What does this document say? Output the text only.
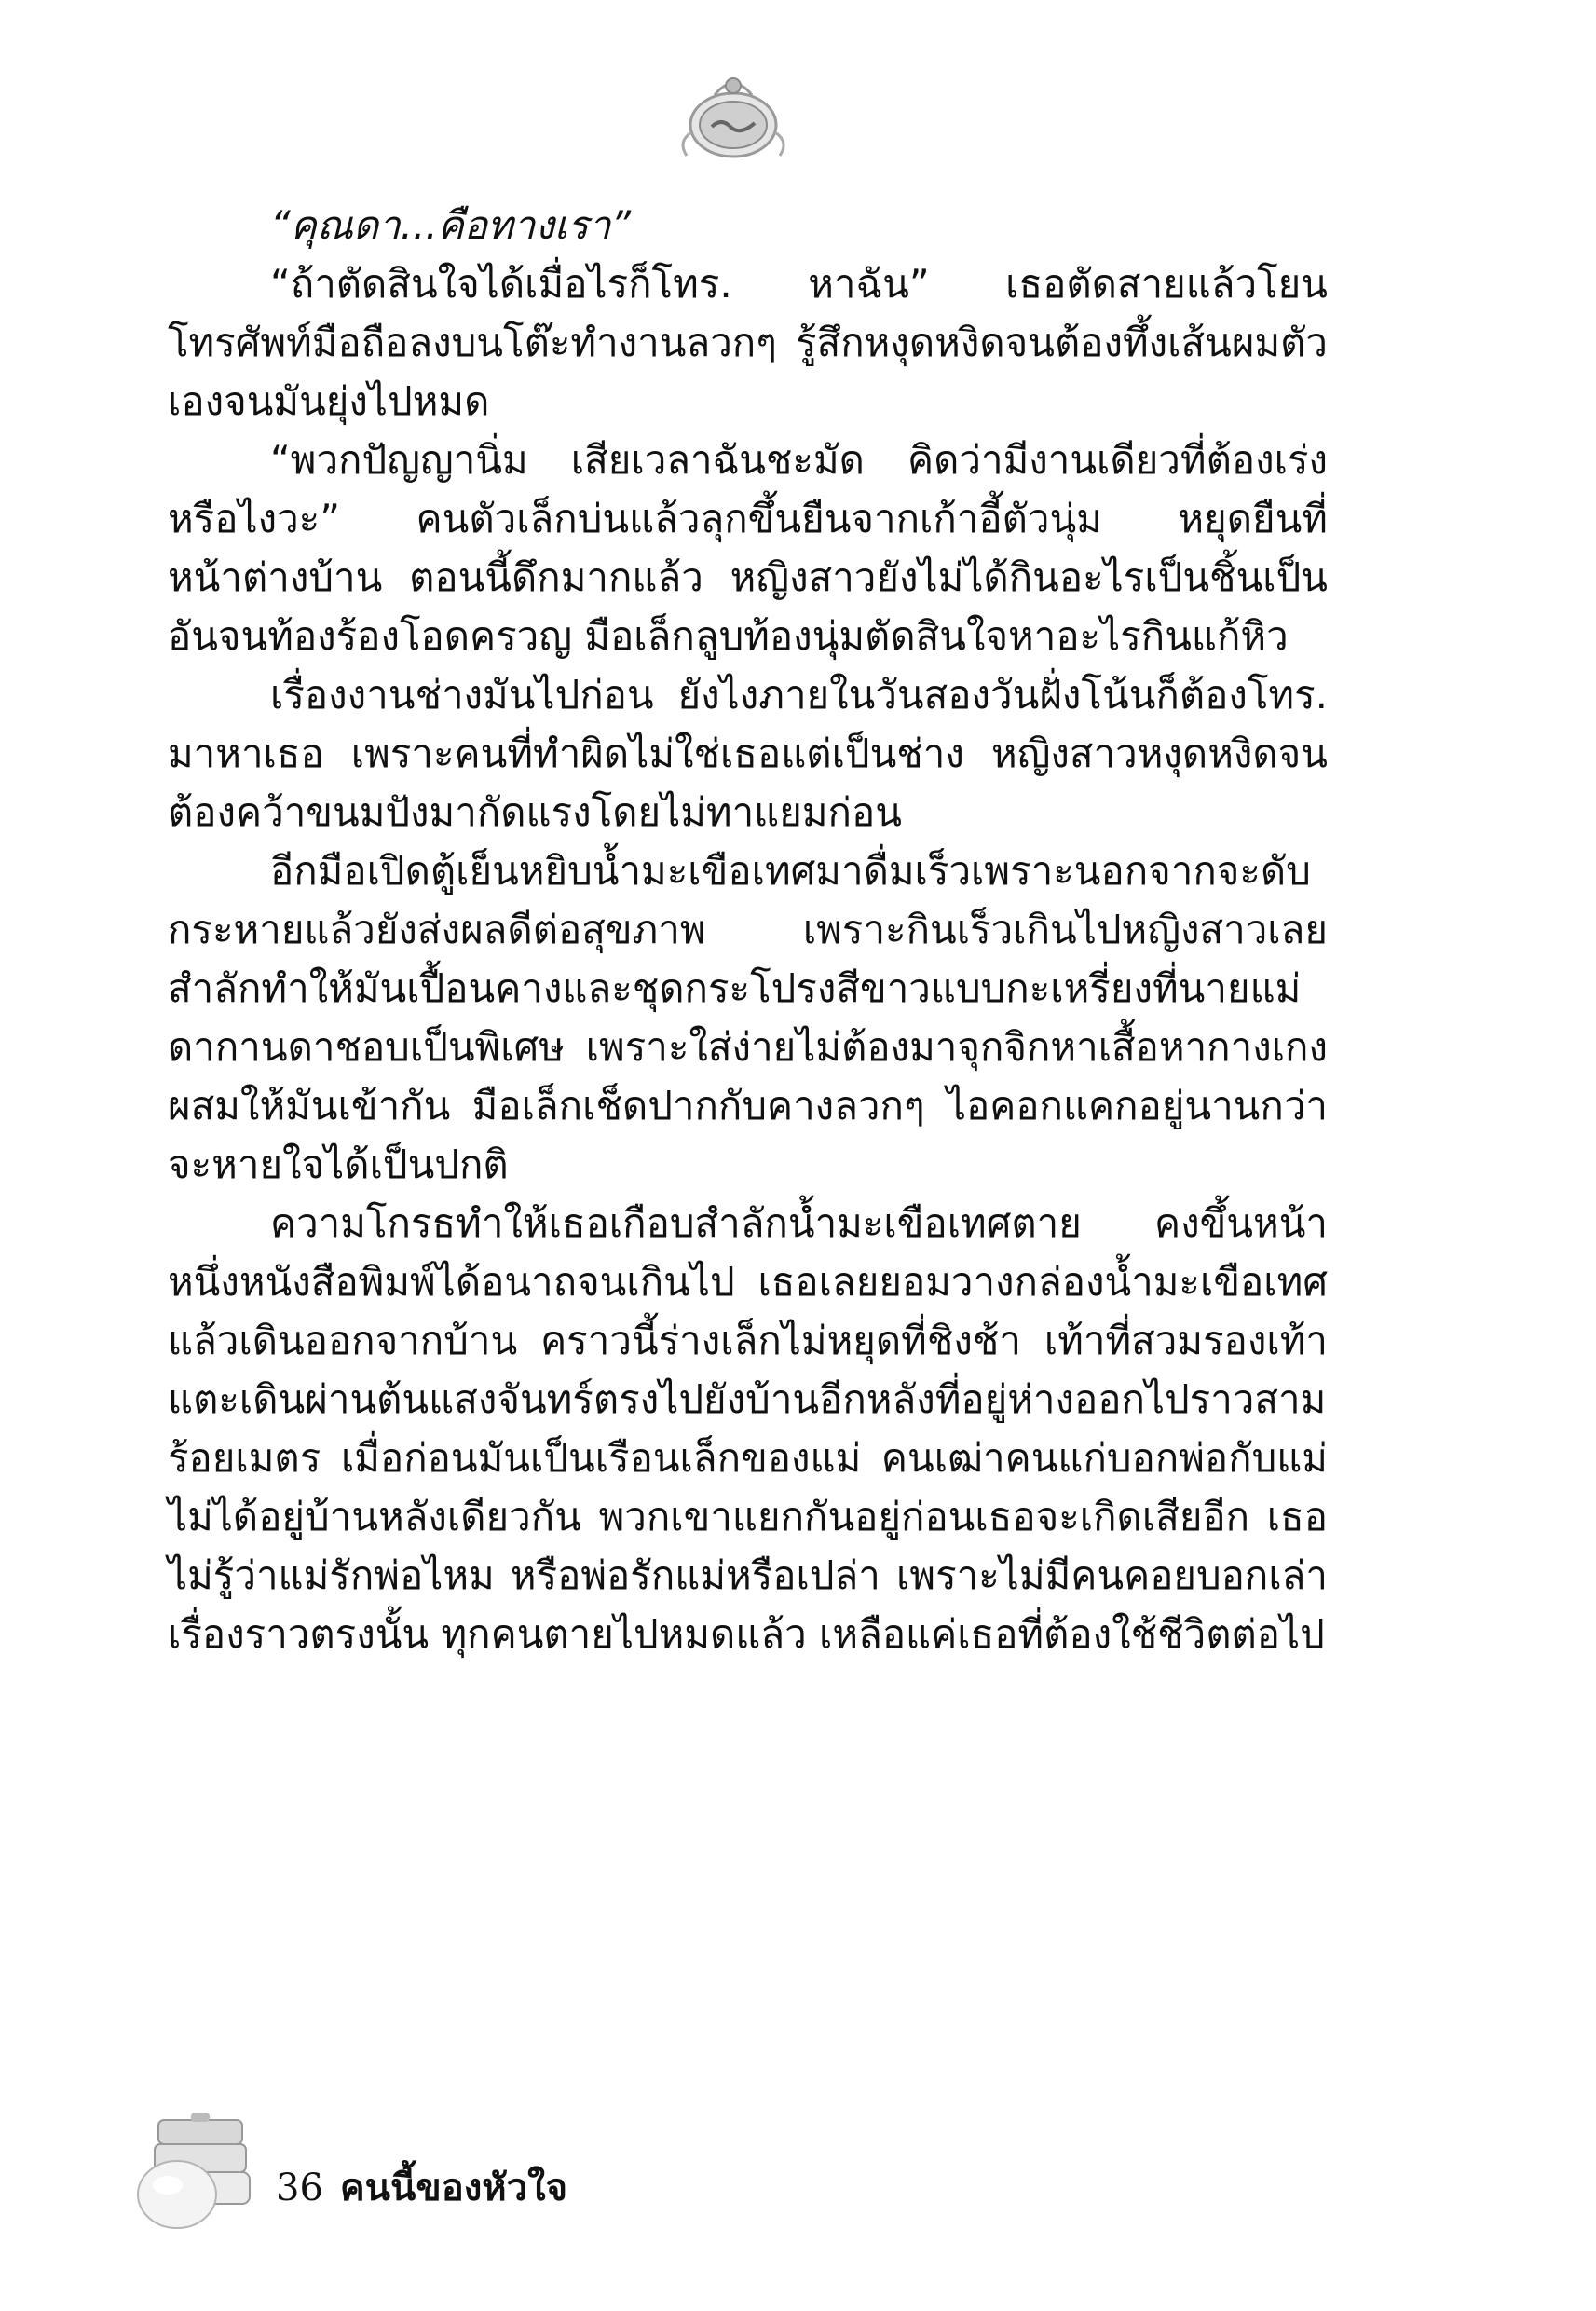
“คุณดา...คือทางเรา”

“ถ้าตัดสินใจได้เมื่อไรก็โทร. หาฉัน” เธอตัดสายแล้วโยนโทรศัพท์มือถือลงบนโต๊ะทำงานลวกๆ รู้สึกหงุดหงิดจนต้องทึ้งเส้นผมตัวเองจนมันยุ่งไปหมด

“พวกปัญญานิ่ม เสียเวลาฉันชะมัด คิดว่ามีงานเดียวที่ต้องเร่งหรือไงวะ” คนตัวเล็กบ่นแล้วลุกขึ้นยืนจากเก้าอี้ตัวนุ่ม หยุดยืนที่หน้าต่างบ้าน ตอนนี้ดึกมากแล้ว หญิงสาวยังไม่ได้กินอะไรเป็นชิ้นเป็นอันจนท้องร้องโอดครวญ มือเล็กลูบท้องนุ่มตัดสินใจหาอะไรกินแก้หิว

เรื่องงานช่างมันไปก่อน ยังไงภายในวันสองวันฝั่งโน้นก็ต้องโทร. มาหาเธอ เพราะคนที่ทำผิดไม่ใช่เธอแต่เป็นช่าง หญิงสาวหงุดหงิดจนต้องคว้าขนมปังมากัดแรงโดยไม่ทาแยมก่อน

อีกมือเปิดตู้เย็นหยิบน้ำมะเขือเทศมาดื่มเร็วเพราะนอกจากจะดับกระหายแล้วยังส่งผลดีต่อสุขภาพ เพราะกินเร็วเกินไปหญิงสาวเลยสำลักทำให้มันเปื้อนคางและชุดกระโปรงสีขาวแบบกะเหรี่ยงที่นายแม่ดากานดาชอบเป็นพิเศษ เพราะใส่ง่ายไม่ต้องมาจุกจิกหาเสื้อหากางเกงผสมให้มันเข้ากัน มือเล็กเช็ดปากกับคางลวกๆ ไอคอกแคกอยู่นานกว่าจะหายใจได้เป็นปกติ

ความโกรธทำให้เธอเกือบสำลักน้ำมะเขือเทศตาย คงขึ้นหน้าหนึ่งหนังสือพิมพ์ได้อนาถจนเกินไป เธอเลยยอมวางกล่องน้ำมะเขือเทศแล้วเดินออกจากบ้าน คราวนี้ร่างเล็กไม่หยุดที่ชิงช้า เท้าที่สวมรองเท้าแตะเดินผ่านต้นแสงจันทร์ตรงไปยังบ้านอีกหลังที่อยู่ห่างออกไปราวสามร้อยเมตร เมื่อก่อนมันเป็นเรือนเล็กของแม่ คนเฒ่าคนแก่บอกพ่อกับแม่ไม่ได้อยู่บ้านหลังเดียวกัน พวกเขาแยกกันอยู่ก่อนเธอจะเกิดเสียอีก เธอไม่รู้ว่าแม่รักพ่อไหม หรือพ่อรักแม่หรือเปล่า เพราะไม่มีคนคอยบอกเล่าเรื่องราวตรงนั้น ทุกคนตายไปหมดแล้ว เหลือแค่เธอที่ต้องใช้ชีวิตต่อไป

36 คนนี้ของหัวใจ
